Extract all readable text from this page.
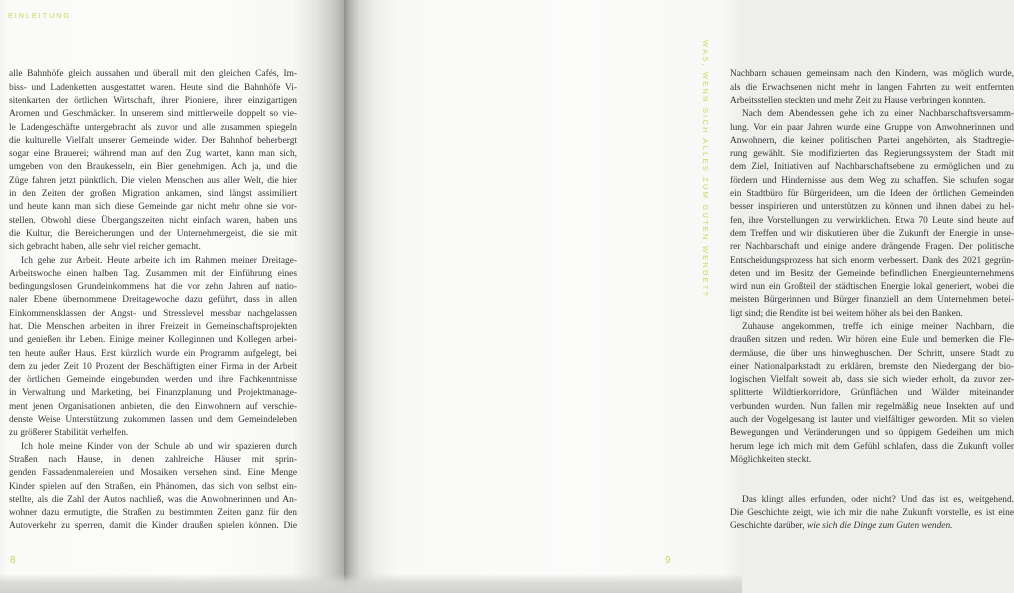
EINLEITUNG
alle Bahnhöfe gleich aussahen und überall mit den gleichen Cafés, Im-
biss- und Ladenketten ausgestattet waren. Heute sind die Bahnhöfe Vi-
sitenkarten der örtlichen Wirtschaft, ihrer Pioniere, ihrer einzigartigen
Aromen und Geschmäcker. In unserem sind mittlerweile doppelt so vie-
le Ladengeschäfte untergebracht als zuvor und alle zusammen spiegeln
die kulturelle Vielfalt unserer Gemeinde wider. Der Bahnhof beherbergt
sogar eine Brauerei; während man auf den Zug wartet, kann man sich,
umgeben von den Braukesseln, ein Bier genehmigen. Ach ja, und die
Züge fahren jetzt pünktlich. Die vielen Menschen aus aller Welt, die hier
in den Zeiten der großen Migration ankamen, sind längst assimiliert
und heute kann man sich diese Gemeinde gar nicht mehr ohne sie vor-
stellen. Obwohl diese Übergangszeiten nicht einfach waren, haben uns
die Kultur, die Bereicherungen und der Unternehmergeist, die sie mit
sich gebracht haben, alle sehr viel reicher gemacht.
Ich gehe zur Arbeit. Heute arbeite ich im Rahmen meiner Dreitage-
Arbeitswoche einen halben Tag. Zusammen mit der Einführung eines
bedingungslosen Grundeinkommens hat die vor zehn Jahren auf natio-
naler Ebene übernommene Dreitagewoche dazu geführt, dass in allen
Einkommensklassen der Angst- und Stresslevel messbar nachgelassen
hat. Die Menschen arbeiten in ihrer Freizeit in Gemeinschaftsprojekten
und genießen ihr Leben. Einige meiner Kolleginnen und Kollegen arbei-
ten heute außer Haus. Erst kürzlich wurde ein Programm aufgelegt, bei
dem zu jeder Zeit 10 Prozent der Beschäftigten einer Firma in der Arbeit
der örtlichen Gemeinde eingebunden werden und ihre Fachkenntnisse
in Verwaltung und Marketing, bei Finanzplanung und Projektmanage-
ment jenen Organisationen anbieten, die den Einwohnern auf verschie-
denste Weise Unterstützung zukommen lassen und dem Gemeindeleben
zu größerer Stabilität verhelfen.
Ich hole meine Kinder von der Schule ab und wir spazieren durch
Straßen nach Hause, in denen zahlreiche Häuser mit sprin-
genden Fassadenmalereien und Mosaiken versehen sind. Eine Menge
Kinder spielen auf den Straßen, ein Phänomen, das sich von selbst ein-
stellte, als die Zahl der Autos nachließ, was die Anwohnerinnen und An-
wohner dazu ermutigte, die Straßen zu bestimmten Zeiten ganz für den
Autoverkehr zu sperren, damit die Kinder draußen spielen können. Die
8
Nachbarn schauen gemeinsam nach den Kindern, was möglich wurde,
als die Erwachsenen nicht mehr in langen Fahrten zu weit entfernten
Arbeitsstellen steckten und mehr Zeit zu Hause verbringen konnten.
Nach dem Abendessen gehe ich zu einer Nachbarschaftsversamm-
lung. Vor ein paar Jahren wurde eine Gruppe von Anwohnerinnen und
Anwohnern, die keiner politischen Partei angehörten, als Stadtregie-
rung gewählt. Sie modifizierten das Regierungssystem der Stadt mit
dem Ziel, Initiativen auf Nachbarschaftsebene zu ermöglichen und zu
fördern und Hindernisse aus dem Weg zu schaffen. Sie schufen sogar
ein Stadtbüro für Bürgerideen, um die Ideen der örtlichen Gemeinden
besser inspirieren und unterstützen zu können und ihnen dabei zu hel-
fen, ihre Vorstellungen zu verwirklichen. Etwa 70 Leute sind heute auf
dem Treffen und wir diskutieren über die Zukunft der Energie in unse-
rer Nachbarschaft und einige andere drängende Fragen. Der politische
Entscheidungsprozess hat sich enorm verbessert. Dank des 2021 gegrün-
deten und im Besitz der Gemeinde befindlichen Energieunternehmens
wird nun ein Großteil der städtischen Energie lokal generiert, wobei die
meisten Bürgerinnen und Bürger finanziell an dem Unternehmen betei-
ligt sind; die Rendite ist bei weitem höher als bei den Banken.
Zuhause angekommen, treffe ich einige meiner Nachbarn, die
draußen sitzen und reden. Wir hören eine Eule und bemerken die Fle-
dermäuse, die über uns hinweghuschen. Der Schritt, unsere Stadt zu
einer Nationalparkstadt zu erklären, bremste den Niedergang der bio-
logischen Vielfalt soweit ab, dass sie sich wieder erholt, da zuvor zer-
splitterte Wildtierkorridore, Grünflächen und Wälder miteinander
verbunden wurden. Nun fallen mir regelmäßig neue Insekten auf und
auch der Vogelgesang ist lauter und vielfältiger geworden. Mit so vielen
Bewegungen und Veränderungen und so üppigem Gedeihen um mich
herum lege ich mich mit dem Gefühl schlafen, dass die Zukunft voller
Möglichkeiten steckt.
Das klingt alles erfunden, oder nicht? Und das ist es, weitgehend.
Die Geschichte zeigt, wie ich mir die nahe Zukunft vorstelle, es ist eine
Geschichte darüber, wie sich die Dinge zum Guten wenden.
WAS, WENN SICH ALLES ZUM GUTEN WENDET?
9
